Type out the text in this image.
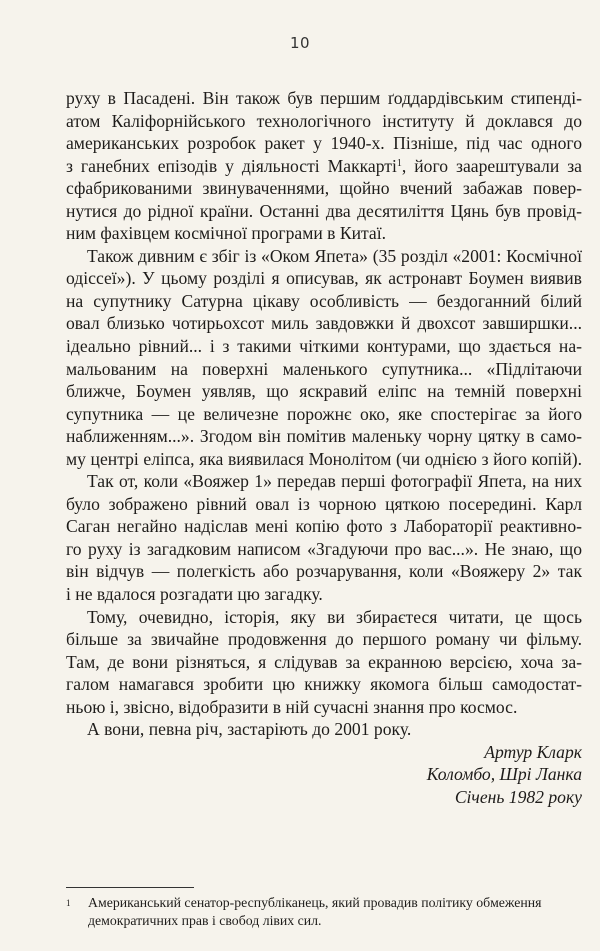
10
руху в Пасадені. Він також був першим ґоддардівським стипенді-
атом Каліфорнійського технологічного інституту й доклався до
американських розробок ракет у 1940-х. Пізніше, під час одного
з ганебних епізодів у діяльності Маккарті$^1$, його заарештували за
сфабрикованими звинуваченнями, щойно вчений забажав повер-
нутися до рідної країни. Останні два десятиліття Цянь був провід-
ним фахівцем космічної програми в Китаї.
Також дивним є збіг із «Оком Япета» (35 розділ «2001: Космічної
одіссеї»). У цьому розділі я описував, як астронавт Боумен виявив
на супутнику Сатурна цікаву особливість — бездоганний білий
овал близько чотирьохсот миль завдовжки й двохсот завширшки...
ідеально рівний... і з такими чіткими контурами, що здається на-
мальованим на поверхні маленького супутника... «Підлітаючи
ближче, Боумен уявляв, що яскравий еліпс на темній поверхні
супутника — це величезне порожнє око, яке спостерігає за його
наближенням...». Згодом він помітив маленьку чорну цятку в само-
му центрі еліпса, яка виявилася Монолітом (чи однією з його копій).
Так от, коли «Вояжер 1» передав перші фотографії Япета, на них
було зображено рівний овал із чорною цяткою посередині. Карл
Саган негайно надіслав мені копію фото з Лабораторії реактивно-
го руху із загадковим написом «Згадуючи про вас...». Не знаю, що
він відчув — полегкість або розчарування, коли «Вояжеру 2» так
і не вдалося розгадати цю загадку.
Тому, очевидно, історія, яку ви збираєтеся читати, це щось
більше за звичайне продовження до першого роману чи фільму.
Там, де вони різняться, я слідував за екранною версією, хоча за-
галом намагався зробити цю книжку якомога більш самодостат-
ньою і, звісно, відобразити в ній сучасні знання про космос.
А вони, певна річ, застаріють до 2001 року.
Артур Кларк
Коломбо, Шрі Ланка
Січень 1982 року
1 Американський сенатор-республіканець, який провадив політику обмеження
демократичних прав і свобод лівих сил.
